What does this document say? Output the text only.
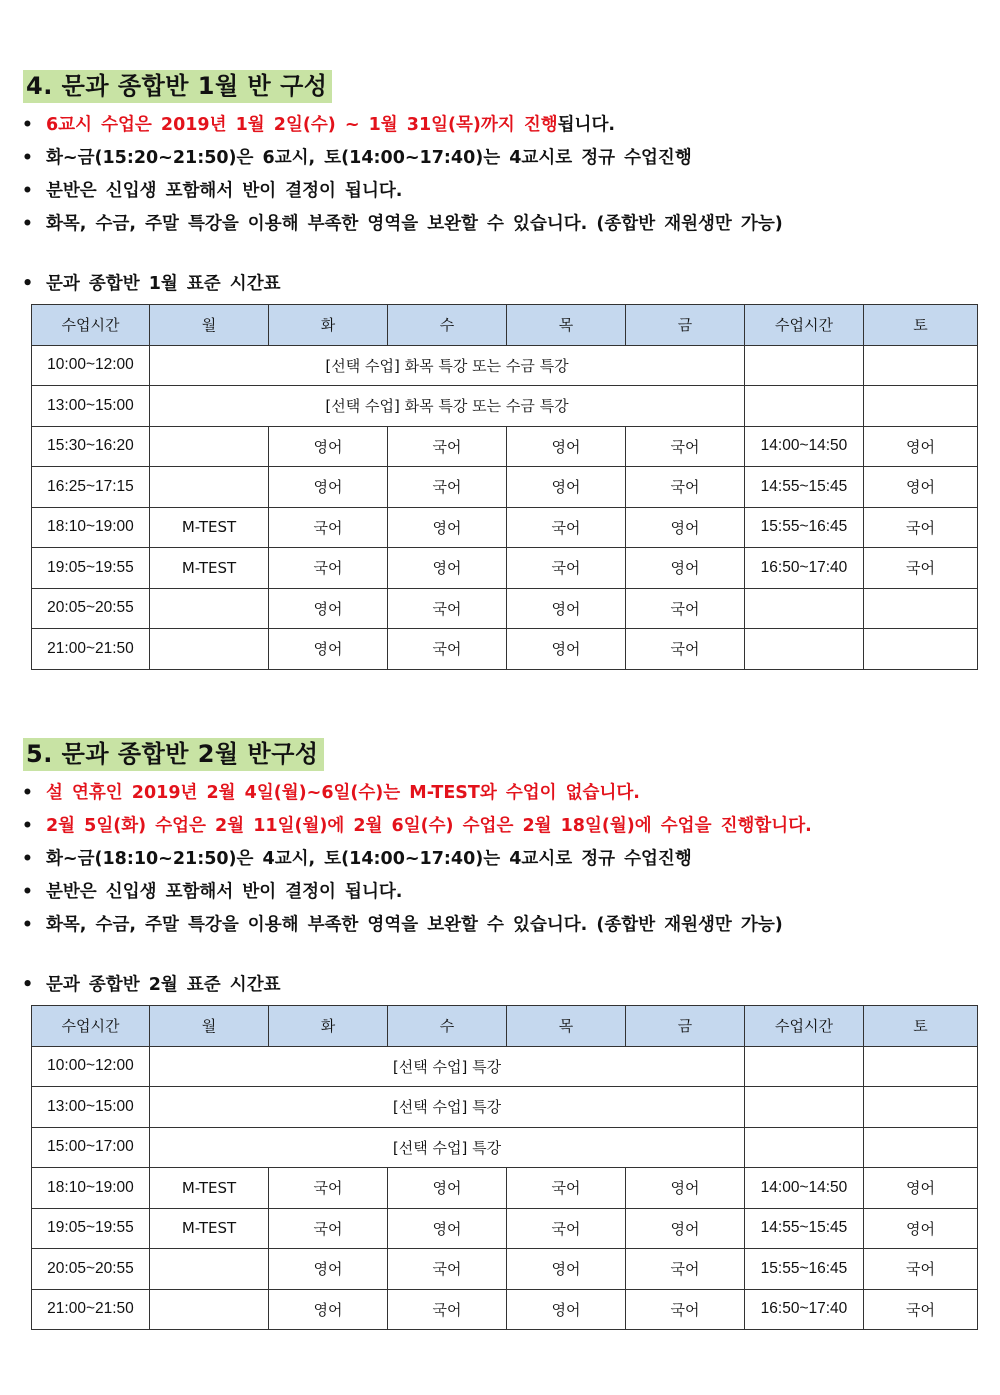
4. 문과 종합반 1월 반 구성
• 6교시 수업은 2019년 1월 2일(수) ~ 1월 31일(목)까지 진행됩니다.
• 화~금(15:20~21:50)은 6교시, 토(14:00~17:40)는 4교시로 정규 수업진행
• 분반은 신입생 포함해서 반이 결정이 됩니다.
• 화목, 수금, 주말 특강을 이용해 부족한 영역을 보완할 수 있습니다. (종합반 재원생만 가능)
• 문과 종합반 1월 표준 시간표
수업시간	월	화	수	목	금	수업시간	토
10:00~12:00	[선택 수업] 화목 특강 또는 수금 특강						
13:00~15:00	[선택 수업] 화목 특강 또는 수금 특강						
15:30~16:20		영어	국어	영어	국어	14:00~14:50	영어
16:25~17:15		영어	국어	영어	국어	14:55~15:45	영어
18:10~19:00	M-TEST	국어	영어	국어	영어	15:55~16:45	국어
19:05~19:55	M-TEST	국어	영어	국어	영어	16:50~17:40	국어
20:05~20:55		영어	국어	영어	국어		
21:00~21:50		영어	국어	영어	국어		
5. 문과 종합반 2월 반구성
• 설 연휴인 2019년 2월 4일(월)~6일(수)는 M-TEST와 수업이 없습니다.
• 2월 5일(화) 수업은 2월 11일(월)에 2월 6일(수) 수업은 2월 18일(월)에 수업을 진행합니다.
• 화~금(18:10~21:50)은 4교시, 토(14:00~17:40)는 4교시로 정규 수업진행
• 분반은 신입생 포함해서 반이 결정이 됩니다.
• 화목, 수금, 주말 특강을 이용해 부족한 영역을 보완할 수 있습니다. (종합반 재원생만 가능)
• 문과 종합반 2월 표준 시간표
수업시간	월	화	수	목	금	수업시간	토
10:00~12:00	[선택 수업] 특강						
13:00~15:00	[선택 수업] 특강						
15:00~17:00	[선택 수업] 특강						
18:10~19:00	M-TEST	국어	영어	국어	영어	14:00~14:50	영어
19:05~19:55	M-TEST	국어	영어	국어	영어	14:55~15:45	영어
20:05~20:55		영어	국어	영어	국어	15:55~16:45	국어
21:00~21:50		영어	국어	영어	국어	16:50~17:40	국어
